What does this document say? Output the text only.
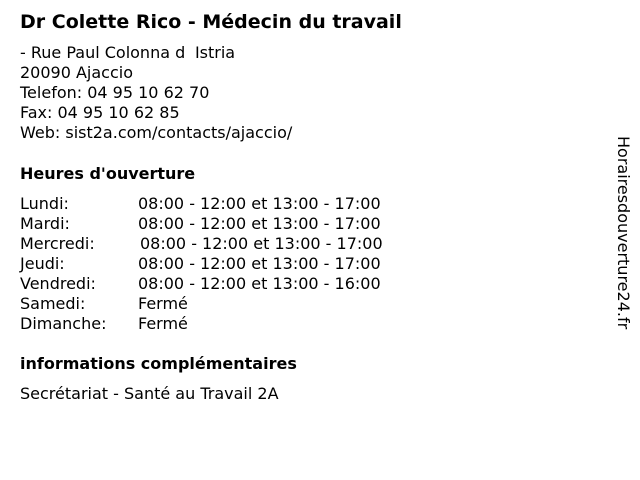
Dr Colette Rico - Médecin du travail
- Rue Paul Colonna dIstria
20090 Ajaccio
Telefon: 04 95 10 62 70
Fax: 04 95 10 62 85
Web: sist2a.com/contacts/ajaccio/
Heures d'ouverture
Lundi:	08:00 - 12:00 et 13:00 - 17:00
Mardi:	08:00 - 12:00 et 13:00 - 17:00
Mercredi:	08:00 - 12:00 et 13:00 - 17:00
Jeudi:	08:00 - 12:00 et 13:00 - 17:00
Vendredi:	08:00 - 12:00 et 13:00 - 16:00
Samedi:	Fermé
Dimanche: Fermé
informations complémentaires
Secrétariat - Santé au Travail 2A
Horairesdouverture24.fr
